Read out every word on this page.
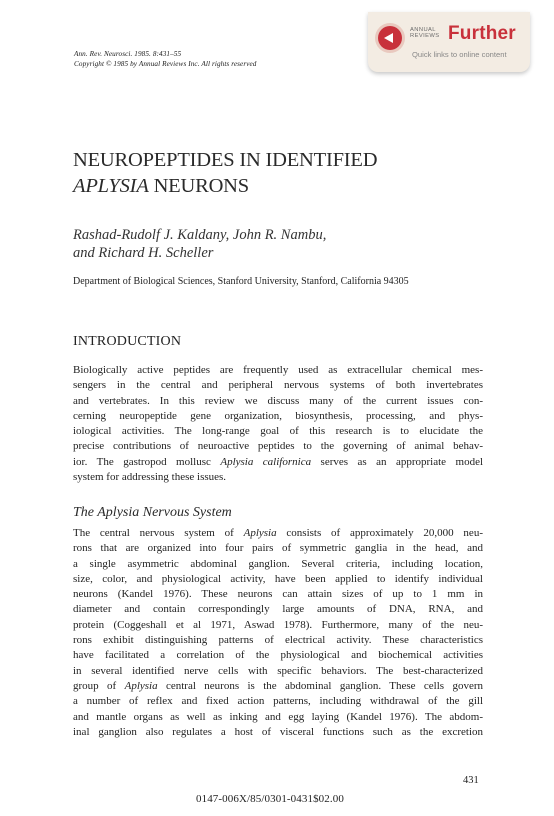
Ann. Rev. Neurosci. 1985. 8:431–55
Copyright © 1985 by Annual Reviews Inc. All rights reserved
ANNUAL
REVIEWS Further
Quick links to online content
NEUROPEPTIDES IN IDENTIFIED
APLYSIA NEURONS
Rashad-Rudolf J. Kaldany, John R. Nambu,
and Richard H. Scheller
Department of Biological Sciences, Stanford University, Stanford, California 94305
INTRODUCTION
Biologically active peptides are frequently used as extracellular chemical mes-
sengers in the central and peripheral nervous systems of both invertebrates
and vertebrates. In this review we discuss many of the current issues con-
cerning neuropeptide gene organization, biosynthesis, processing, and phys-
iological activities. The long-range goal of this research is to elucidate the
precise contributions of neuroactive peptides to the governing of animal behav-
ior. The gastropod mollusc Aplysia californica serves as an appropriate model
system for addressing these issues.
The Aplysia Nervous System
The central nervous system of Aplysia consists of approximately 20,000 neu-
rons that are organized into four pairs of symmetric ganglia in the head, and
a single asymmetric abdominal ganglion. Several criteria, including location,
size, color, and physiological activity, have been applied to identify individual
neurons (Kandel 1976). These neurons can attain sizes of up to 1 mm in
diameter and contain correspondingly large amounts of DNA, RNA, and
protein (Coggeshall et al 1971, Aswad 1978). Furthermore, many of the neu-
rons exhibit distinguishing patterns of electrical activity. These characteristics
have facilitated a correlation of the physiological and biochemical activities
in several identified nerve cells with specific behaviors. The best-characterized
group of Aplysia central neurons is the abdominal ganglion. These cells govern
a number of reflex and fixed action patterns, including withdrawal of the gill
and mantle organs as well as inking and egg laying (Kandel 1976). The abdom-
inal ganglion also regulates a host of visceral functions such as the excretion
431
0147-006X/85/0301-0431$02.00
